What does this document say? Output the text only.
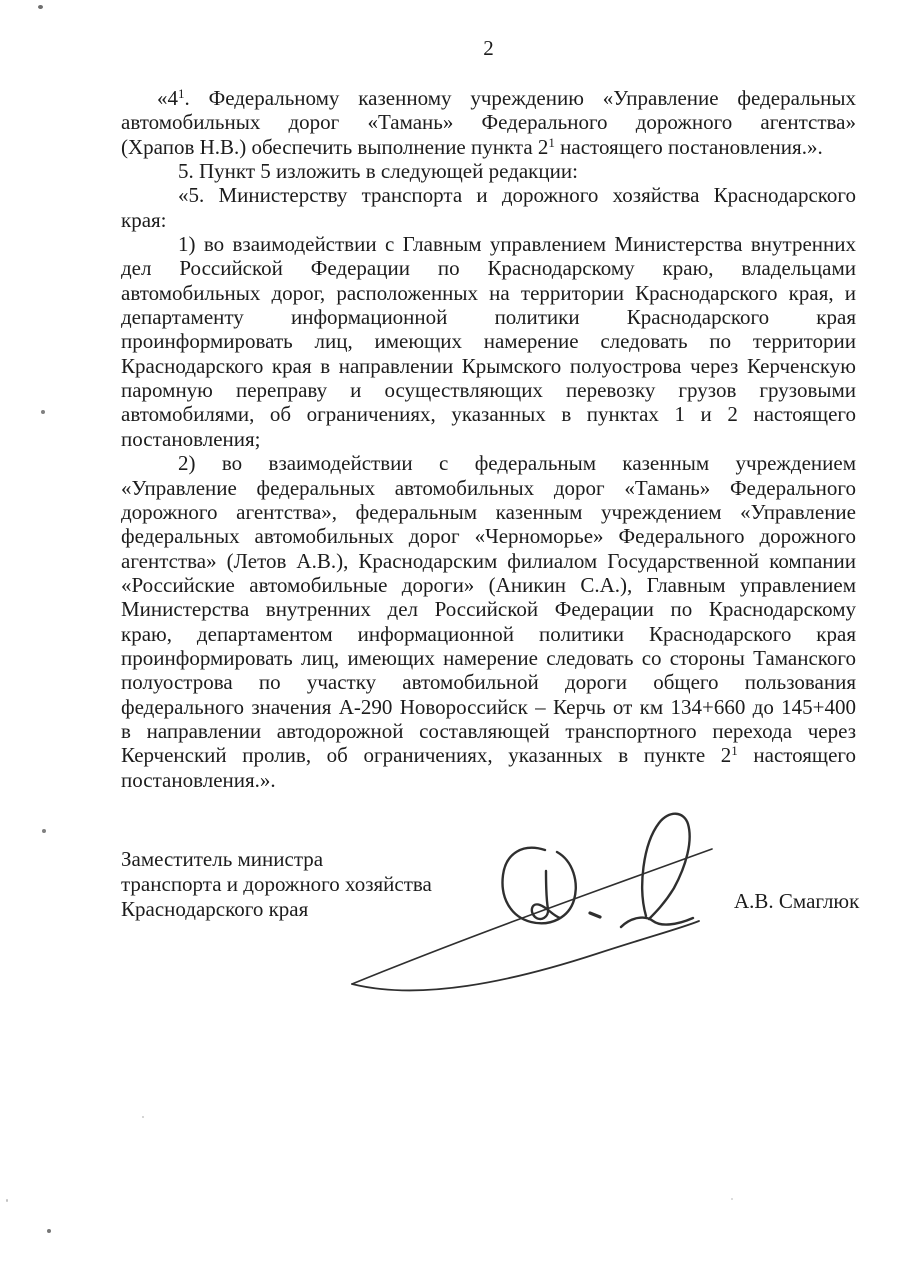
2

«$4^1$. Федеральному казенному учреждению «Управление федеральных
автомобильных дорог «Тамань» Федерального дорожного агентства»
(Храпов Н.В.) обеспечить выполнение пункта $2^1$ настоящего постановления.».

5. Пункт 5 изложить в следующей редакции:

«5. Министерству транспорта и дорожного хозяйства Краснодарского
края:

1) во взаимодействии с Главным управлением Министерства внутренних
дел Российской Федерации по Краснодарскому краю, владельцами
автомобильных дорог, расположенных на территории Краснодарского края, и
департаменту информационной политики Краснодарского края
проинформировать лиц, имеющих намерение следовать по территории
Краснодарского края в направлении Крымского полуострова через Керченскую
паромную переправу и осуществляющих перевозку грузов грузовыми
автомобилями, об ограничениях, указанных в пунктах 1 и 2 настоящего
постановления;

2) во взаимодействии с федеральным казенным учреждением
«Управление федеральных автомобильных дорог «Тамань» Федерального
дорожного агентства», федеральным казенным учреждением «Управление
федеральных автомобильных дорог «Черноморье» Федерального дорожного
агентства» (Летов А.В.), Краснодарским филиалом Государственной компании
«Российские автомобильные дороги» (Аникин С.А.), Главным управлением
Министерства внутренних дел Российской Федерации по Краснодарскому
краю, департаментом информационной политики Краснодарского края
проинформировать лиц, имеющих намерение следовать со стороны Таманского
полуострова по участку автомобильной дороги общего пользования
федерального значения А-290 Новороссийск – Керчь от км 134+660 до 145+400
в направлении автодорожной составляющей транспортного перехода через
Керченский пролив, об ограничениях, указанных в пункте $2^1$ настоящего
постановления.».

Заместитель министра
транспорта и дорожного хозяйства
Краснодарского края	А.В. Смаглюк
